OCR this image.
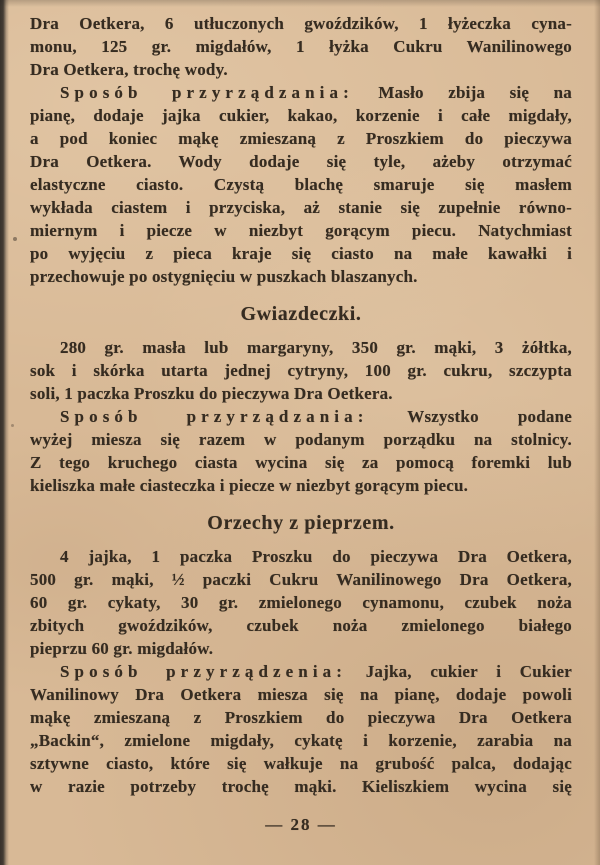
Dra Oetkera, 6 utłuczonych gwoździków, 1 łyżeczka cyna-
monu, 125 gr. migdałów, 1 łyżka Cukru Wanilinowego
Dra Oetkera, trochę wody.
Sposób przyrządzania: Masło zbija się na
pianę, dodaje jajka cukier, kakao, korzenie i całe migdały,
a pod koniec mąkę zmieszaną z Proszkiem do pieczywa
Dra Oetkera. Wody dodaje się tyle, ażeby otrzymać
elastyczne ciasto. Czystą blachę smaruje się masłem
wykłada ciastem i przyciska, aż stanie się zupełnie równo-
miernym i piecze w niezbyt gorącym piecu. Natychmiast
po wyjęciu z pieca kraje się ciasto na małe kawałki i
przechowuje po ostygnięciu w puszkach blaszanych.
Gwiazdeczki.
280 gr. masła lub margaryny, 350 gr. mąki, 3 żółtka,
sok i skórka utarta jednej cytryny, 100 gr. cukru, szczypta
soli, 1 paczka Proszku do pieczywa Dra Oetkera.
Sposób przyrządzania: Wszystko podane
wyżej miesza się razem w podanym porządku na stolnicy.
Z tego kruchego ciasta wycina się za pomocą foremki lub
kieliszka małe ciasteczka i piecze w niezbyt gorącym piecu.
Orzechy z pieprzem.
4 jajka, 1 paczka Proszku do pieczywa Dra Oetkera,
500 gr. mąki, ½ paczki Cukru Wanilinowego Dra Oetkera,
60 gr. cykaty, 30 gr. zmielonego cynamonu, czubek noża
zbitych gwoździków, czubek noża zmielonego białego
pieprzu 60 gr. migdałów.
Sposób przyrządzenia: Jajka, cukier i Cukier
Wanilinowy Dra Oetkera miesza się na pianę, dodaje powoli
mąkę zmieszaną z Proszkiem do pieczywa Dra Oetkera
„Backin“, zmielone migdały, cykatę i korzenie, zarabia na
sztywne ciasto, które się wałkuje na grubość palca, dodając
w razie potrzeby trochę mąki. Kieliszkiem wycina się
— 28 —
